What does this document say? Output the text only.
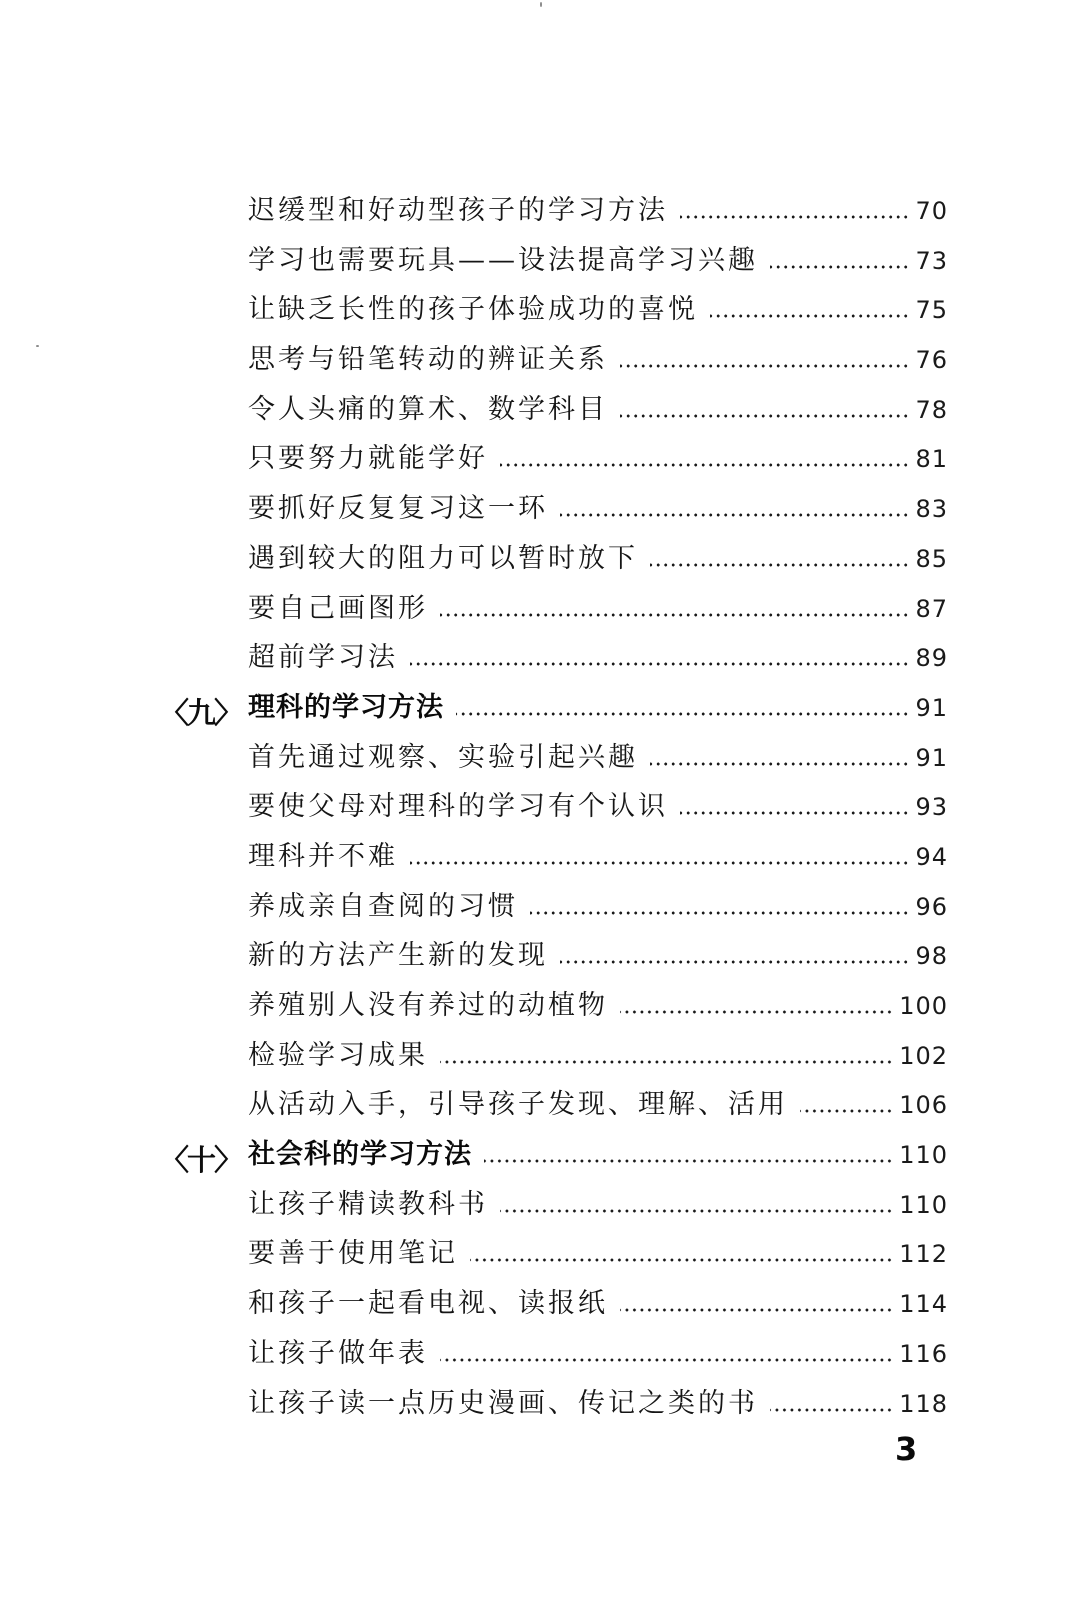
迟缓型和好动型孩子的学习方法	70
学习也需要玩具——设法提高学习兴趣	73
让缺乏长性的孩子体验成功的喜悦	75
思考与铅笔转动的辨证关系	76
令人头痛的算术、数学科目	78
只要努力就能学好	81
要抓好反复复习这一环	83
遇到较大的阻力可以暂时放下	85
要自己画图形	87
超前学习法	89
〈九〉 理科的学习方法	91
首先通过观察、实验引起兴趣	91
要使父母对理科的学习有个认识	93
理科并不难	94
养成亲自查阅的习惯	96
新的方法产生新的发现	98
养殖别人没有养过的动植物	100
检验学习成果	102
从活动入手，引导孩子发现、理解、活用	106
〈十〉 社会科的学习方法	110
让孩子精读教科书	110
要善于使用笔记	112
和孩子一起看电视、读报纸	114
让孩子做年表	116
让孩子读一点历史漫画、传记之类的书	118
3
